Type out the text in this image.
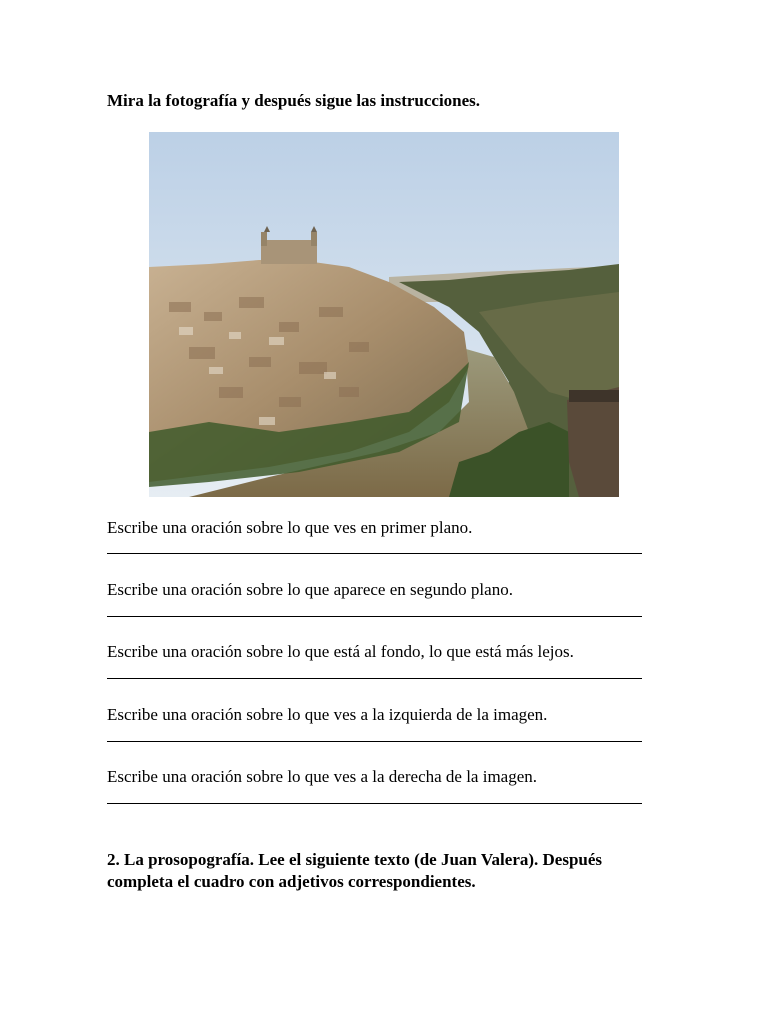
Mira la fotografía y después sigue las instrucciones.

Escribe una oración sobre lo que ves en primer plano.

Escribe una oración sobre lo que aparece en segundo plano.

Escribe una oración sobre lo que está al fondo, lo que está más lejos.

Escribe una oración sobre lo que ves a la izquierda de la imagen.

Escribe una oración sobre lo que ves a la derecha de la imagen.

2. La prosopografía. Lee el siguiente texto (de Juan Valera). Después completa el cuadro con adjetivos correspondientes.
